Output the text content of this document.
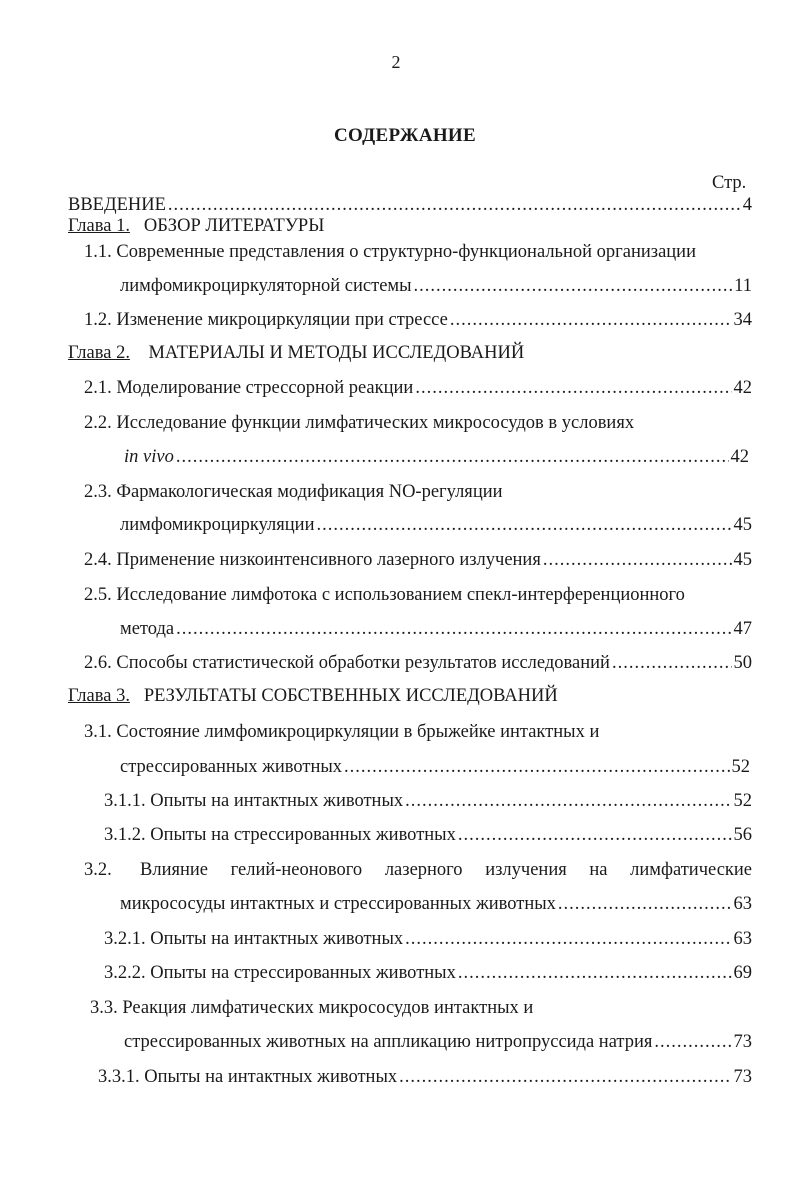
2
СОДЕРЖАНИЕ
Стр.
ВВЕДЕНИЕ .....	4
Глава 1. ОБЗОР ЛИТЕРАТУРЫ
1.1. Современные представления о структурно-функциональной организации
лимфомикроциркуляторной системы .....	11
1.2. Изменение микроциркуляции при стрессе .....	34
Глава 2. МАТЕРИАЛЫ И МЕТОДЫ ИССЛЕДОВАНИЙ
2.1. Моделирование стрессорной реакции .....	42
2.2. Исследование функции лимфатических микрососудов в условиях
in vivo .....	42
2.3. Фармакологическая модификация NO-регуляции
лимфомикроциркуляции .....	45
2.4. Применение низкоинтенсивного лазерного излучения .....	45
2.5. Исследование лимфотока с использованием спекл-интерференционного
метода .....	47
2.6. Способы статистической обработки результатов исследований .....	50
Глава 3. РЕЗУЛЬТАТЫ СОБСТВЕННЫХ ИССЛЕДОВАНИЙ
3.1. Состояние лимфомикроциркуляции в брыжейке интактных и
стрессированных животных .....	52
3.1.1. Опыты на интактных животных .....	52
3.1.2. Опыты на стрессированных животных .....	56
3.2.	Влияние гелий-неонового лазерного излучения на лимфатические
микрососуды интактных и стрессированных животных .....	63
3.2.1. Опыты на интактных животных .....	63
3.2.2. Опыты на стрессированных животных .....	69
3.3. Реакция лимфатических микрососудов интактных и
стрессированных животных на аппликацию нитропруссида натрия .....	73
3.3.1. Опыты на интактных животных .....	73
